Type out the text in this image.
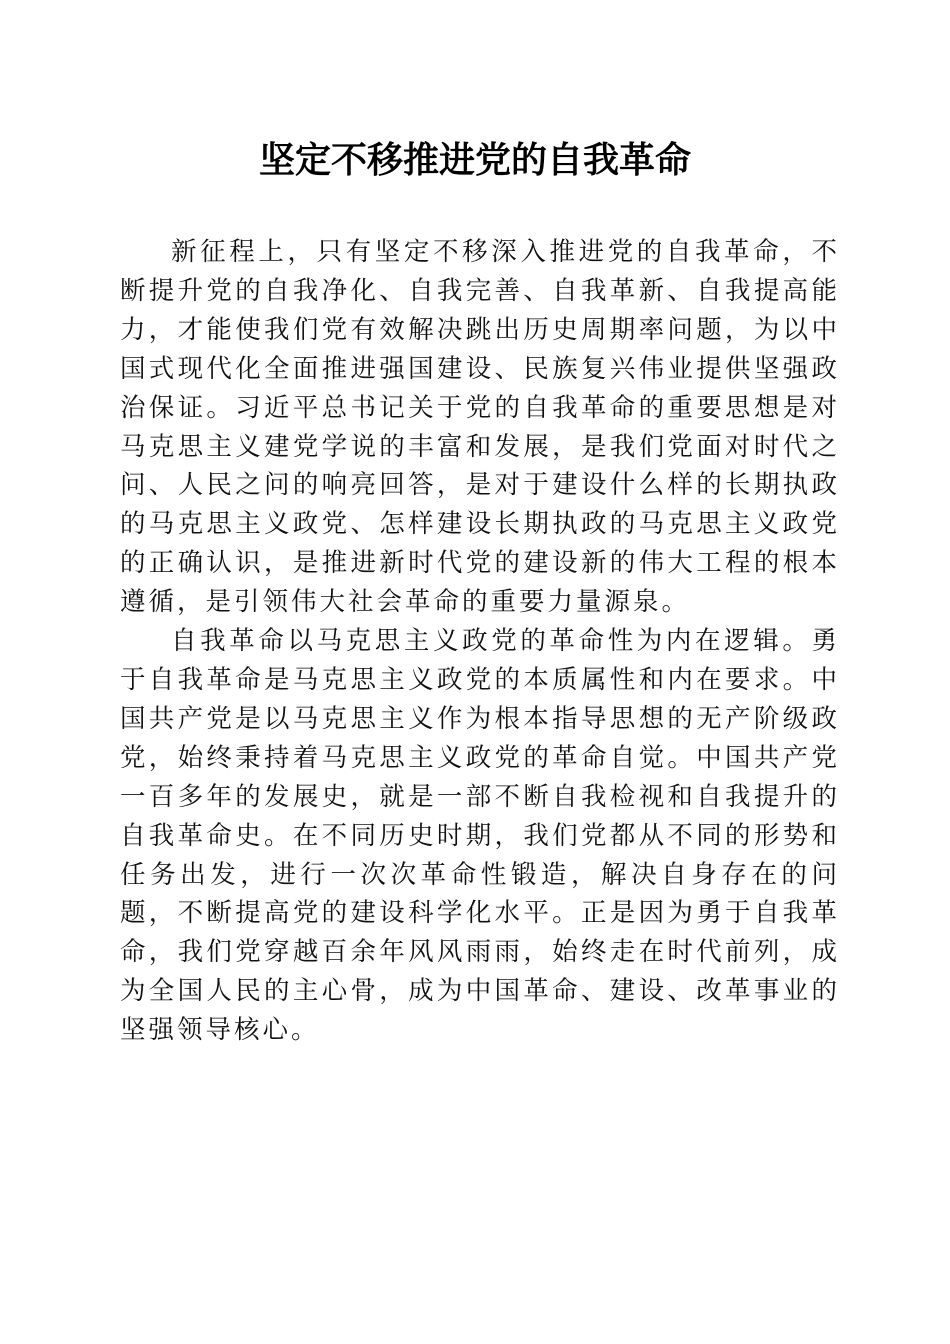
坚定不移推进党的自我革命

新征程上，只有坚定不移深入推进党的自我革命，不断提升党的自我净化、自我完善、自我革新、自我提高能力，才能使我们党有效解决跳出历史周期率问题，为以中国式现代化全面推进强国建设、民族复兴伟业提供坚强政治保证。习近平总书记关于党的自我革命的重要思想是对马克思主义建党学说的丰富和发展，是我们党面对时代之问、人民之问的响亮回答，是对于建设什么样的长期执政的马克思主义政党、怎样建设长期执政的马克思主义政党的正确认识，是推进新时代党的建设新的伟大工程的根本遵循，是引领伟大社会革命的重要力量源泉。

自我革命以马克思主义政党的革命性为内在逻辑。勇于自我革命是马克思主义政党的本质属性和内在要求。中国共产党是以马克思主义作为根本指导思想的无产阶级政党，始终秉持着马克思主义政党的革命自觉。中国共产党一百多年的发展史，就是一部不断自我检视和自我提升的自我革命史。在不同历史时期，我们党都从不同的形势和任务出发，进行一次次革命性锻造，解决自身存在的问题，不断提高党的建设科学化水平。正是因为勇于自我革命，我们党穿越百余年风风雨雨，始终走在时代前列，成为全国人民的主心骨，成为中国革命、建设、改革事业的坚强领导核心。
